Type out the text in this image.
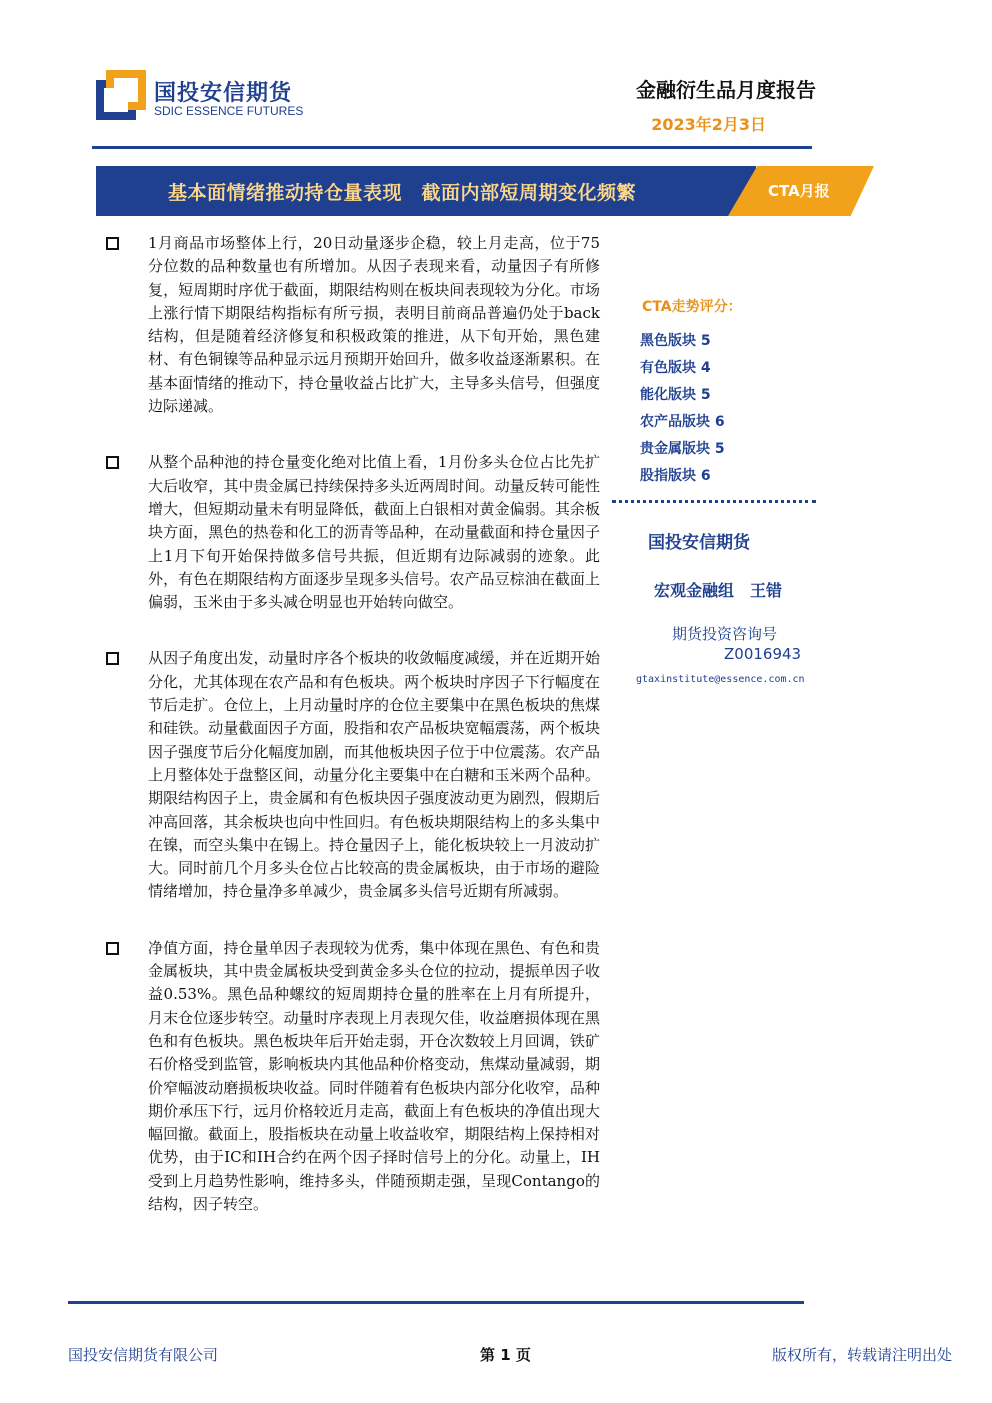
国投安信期货
SDIC ESSENCE FUTURES
金融衍生品月度报告
2023年2月3日
基本面情绪推动持仓量表现　截面内部短周期变化频繁	CTA月报

1月商品市场整体上行，20日动量逐步企稳，较上月走高，位于75分位数的品种数量也有所增加。从因子表现来看，动量因子有所修复，短周期时序优于截面，期限结构则在板块间表现较为分化。市场上涨行情下期限结构指标有所亏损，表明目前商品普遍仍处于back结构，但是随着经济修复和积极政策的推进，从下旬开始，黑色建材、有色铜镍等品种显示远月预期开始回升，做多收益逐渐累积。在基本面情绪的推动下，持仓量收益占比扩大，主导多头信号，但强度边际递减。

从整个品种池的持仓量变化绝对比值上看，1月份多头仓位占比先扩大后收窄，其中贵金属已持续保持多头近两周时间。动量反转可能性增大，但短期动量未有明显降低，截面上白银相对黄金偏弱。其余板块方面，黑色的热卷和化工的沥青等品种，在动量截面和持仓量因子上1月下旬开始保持做多信号共振，但近期有边际减弱的迹象。此外，有色在期限结构方面逐步呈现多头信号。农产品豆棕油在截面上偏弱，玉米由于多头减仓明显也开始转向做空。

从因子角度出发，动量时序各个板块的收敛幅度减缓，并在近期开始分化，尤其体现在农产品和有色板块。两个板块时序因子下行幅度在节后走扩。仓位上，上月动量时序的仓位主要集中在黑色板块的焦煤和硅铁。动量截面因子方面，股指和农产品板块宽幅震荡，两个板块因子强度节后分化幅度加剧，而其他板块因子位于中位震荡。农产品上月整体处于盘整区间，动量分化主要集中在白糖和玉米两个品种。期限结构因子上，贵金属和有色板块因子强度波动更为剧烈，假期后冲高回落，其余板块也向中性回归。有色板块期限结构上的多头集中在镍，而空头集中在锡上。持仓量因子上，能化板块较上一月波动扩大。同时前几个月多头仓位占比较高的贵金属板块，由于市场的避险情绪增加，持仓量净多单减少，贵金属多头信号近期有所减弱。

净值方面，持仓量单因子表现较为优秀，集中体现在黑色、有色和贵金属板块，其中贵金属板块受到黄金多头仓位的拉动，提振单因子收益0.53%。黑色品种螺纹的短周期持仓量的胜率在上月有所提升，月末仓位逐步转空。动量时序表现上月表现欠佳，收益磨损体现在黑色和有色板块。黑色板块年后开始走弱，开仓次数较上月回调，铁矿石价格受到监管，影响板块内其他品种价格变动，焦煤动量减弱，期价窄幅波动磨损板块收益。同时伴随着有色板块内部分化收窄，品种期价承压下行，远月价格较近月走高，截面上有色板块的净值出现大幅回撤。截面上，股指板块在动量上收益收窄，期限结构上保持相对优势，由于IC和IH合约在两个因子择时信号上的分化。动量上，IH受到上月趋势性影响，维持多头，伴随预期走强，呈现Contango的结构，因子转空。

CTA走势评分：
黑色版块 5
有色版块 4
能化版块 5
农产品版块 6
贵金属版块 5
股指版块 6
国投安信期货
宏观金融组　王错
期货投资咨询号
Z0016943
gtaxinstitute@essence.com.cn
国投安信期货有限公司	第 1 页	版权所有，转载请注明出处
